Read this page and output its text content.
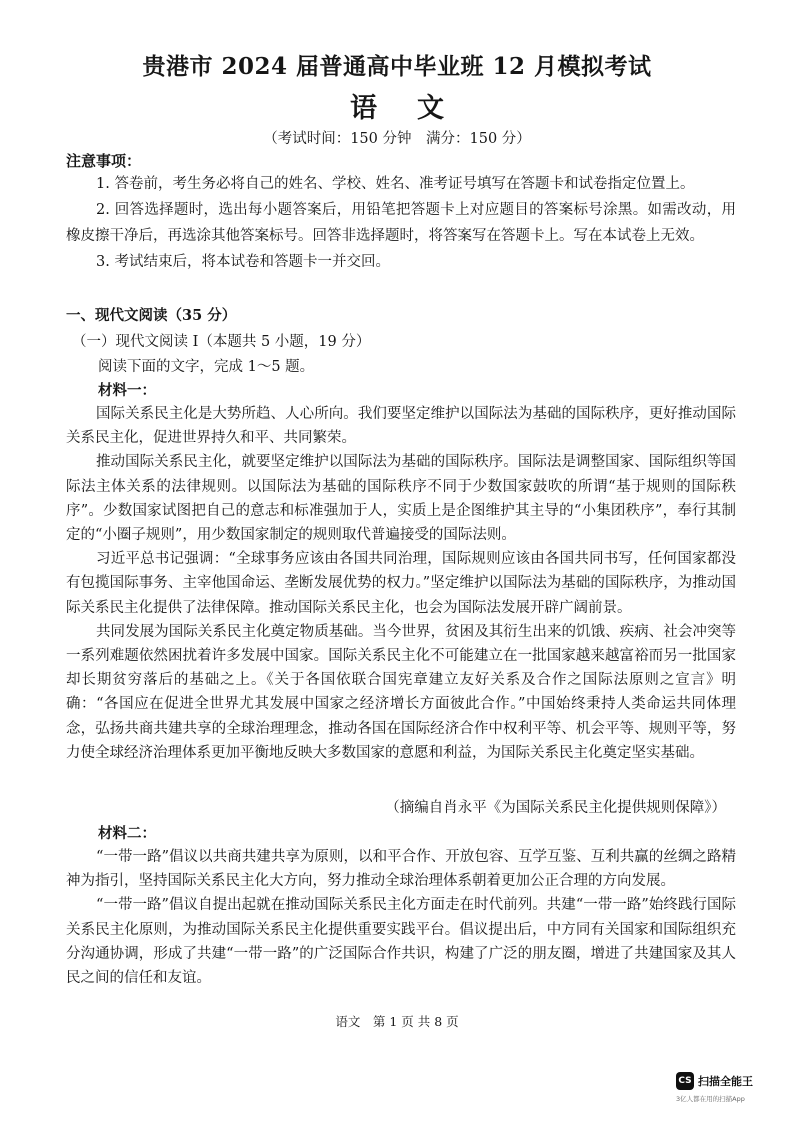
贵港市 2024 届普通高中毕业班 12 月模拟考试
语文
（考试时间：150 分钟　满分：150 分）
注意事项：

1. 答卷前，考生务必将自己的姓名、学校、姓名、准考证号填写在答题卡和试卷指定位置上。

2. 回答选择题时，选出每小题答案后，用铅笔把答题卡上对应题目的答案标号涂黑。如需改动，用橡皮擦干净后，再选涂其他答案标号。回答非选择题时，将答案写在答题卡上。写在本试卷上无效。

3. 考试结束后，将本试卷和答题卡一并交回。

一、现代文阅读（35 分）
（一）现代文阅读 Ⅰ（本题共 5 小题，19 分）
阅读下面的文字，完成 1～5 题。
材料一：

国际关系民主化是大势所趋、人心所向。我们要坚定维护以国际法为基础的国际秩序，更好推动国际关系民主化，促进世界持久和平、共同繁荣。

推动国际关系民主化，就要坚定维护以国际法为基础的国际秩序。国际法是调整国家、国际组织等国际法主体关系的法律规则。以国际法为基础的国际秩序不同于少数国家鼓吹的所谓“基于规则的国际秩序”。少数国家试图把自己的意志和标准强加于人，实质上是企图维护其主导的“小集团秩序”，奉行其制定的“小圈子规则”，用少数国家制定的规则取代普遍接受的国际法则。

习近平总书记强调：“全球事务应该由各国共同治理，国际规则应该由各国共同书写，任何国家都没有包揽国际事务、主宰他国命运、垄断发展优势的权力。”坚定维护以国际法为基础的国际秩序，为推动国际关系民主化提供了法律保障。推动国际关系民主化，也会为国际法发展开辟广阔前景。

共同发展为国际关系民主化奠定物质基础。当今世界，贫困及其衍生出来的饥饿、疾病、社会冲突等一系列难题依然困扰着许多发展中国家。国际关系民主化不可能建立在一批国家越来越富裕而另一批国家却长期贫穷落后的基础之上。《关于各国依联合国宪章建立友好关系及合作之国际法原则之宣言》明确：“各国应在促进全世界尤其发展中国家之经济增长方面彼此合作。”中国始终秉持人类命运共同体理念，弘扬共商共建共享的全球治理理念，推动各国在国际经济合作中权利平等、机会平等、规则平等，努力使全球经济治理体系更加平衡地反映大多数国家的意愿和利益，为国际关系民主化奠定坚实基础。

（摘编自肖永平《为国际关系民主化提供规则保障》）
材料二：

“一带一路”倡议以共商共建共享为原则，以和平合作、开放包容、互学互鉴、互利共赢的丝绸之路精神为指引，坚持国际关系民主化大方向，努力推动全球治理体系朝着更加公正合理的方向发展。

“一带一路”倡议自提出起就在推动国际关系民主化方面走在时代前列。共建“一带一路”始终践行国际关系民主化原则，为推动国际关系民主化提供重要实践平台。倡议提出后，中方同有关国家和国际组织充分沟通协调，形成了共建“一带一路”的广泛国际合作共识，构建了广泛的朋友圈，增进了共建国家及其人民之间的信任和友谊。

语文　第 1 页 共 8 页
CS 扫描全能王
3亿人都在用的扫描App
